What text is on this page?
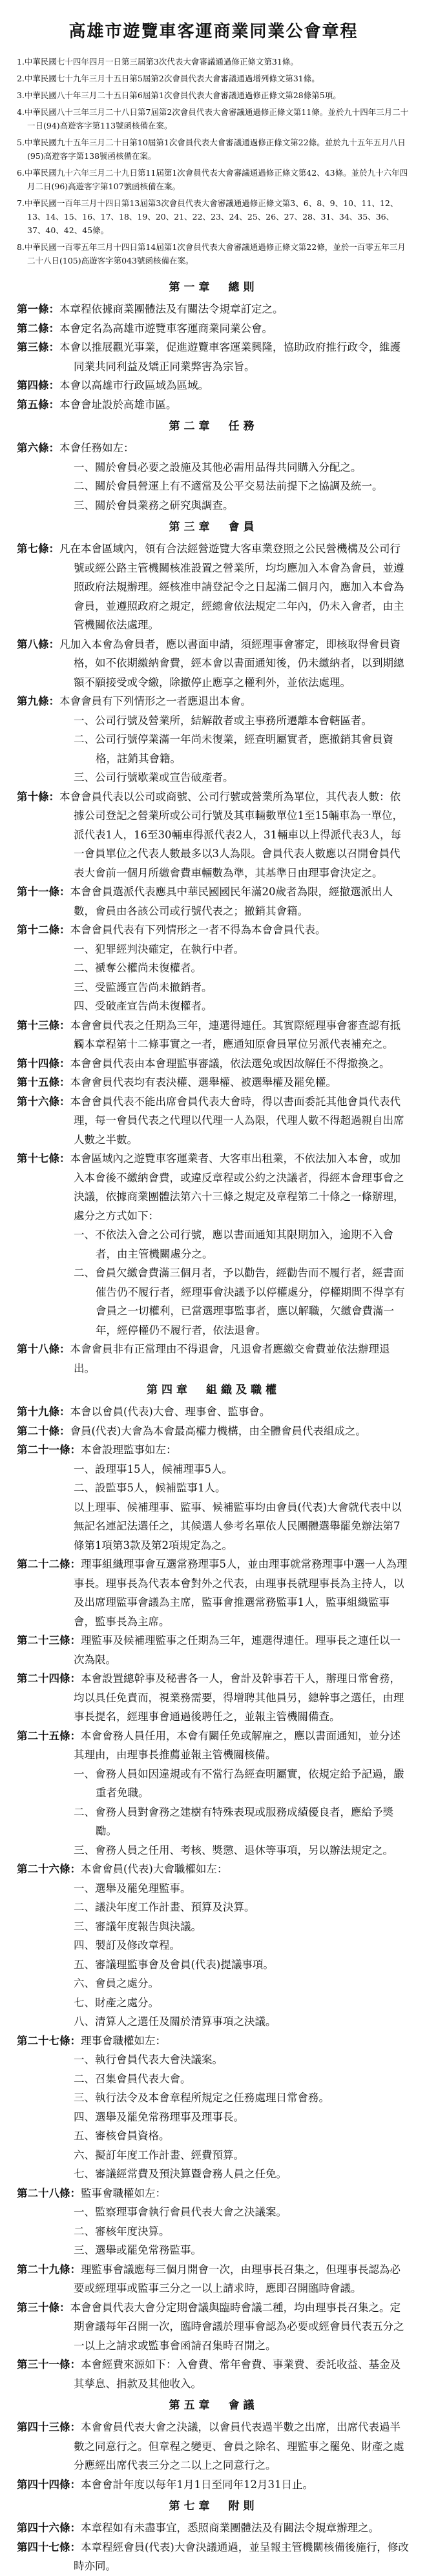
高雄市遊覽車客運商業同業公會章程
1.中華民國七十四年四月一日第三屆第3次代表大會審議通過修正條文第31條。
2.中華民國七十九年三月十五日第5屆第2次會員代表大會審議通過增列條文第31條。
3.中華民國八十年三月二十五日第6屆第1次會員代表大會審議通過修正條文第28條第5項。
4.中華民國八十三年三月二十八日第7屆第2次會員代表大會審議通過修正條文第11條。並於九十四年三月二十一日(94)高遊客字第113號函核備在案。
5.中華民國九十五年三月二十日第10屆第1次會員代表大會審議通過修正條文第22條。並於九十五年五月八日(95)高遊客字第138號函核備在案。
6.中華民國九十六年三月二十九日第11屆第1次會員代表大會審議通過修正條文第42、43條。並於九十六年四月二日(96)高遊客字第107號函核備在案。
7.中華民國一百年三月十四日第13屆第3次會員代表大會審議通過修正條文第3、6、8、9、10、11、12、13、14、15、16、17、18、19、20、21、22、23、24、25、26、27、28、31、34、35、36、37、40、42、45條。
8.中華民國一百零五年三月十四日第14屆第1次會員代表大會審議通過修正條文第22條，並於一百零五年三月二十八日(105)高遊客字第043號函核備在案。
第一章　總則

第一條：本章程依據商業團體法及有關法令規章訂定之。

第二條：本會定名為高雄市遊覽車客運商業同業公會。

第三條：本會以推展觀光事業，促進遊覽車客運業興隆，協助政府推行政令，維護同業共同利益及矯正同業弊害為宗旨。

第四條：本會以高雄市行政區域為區域。

第五條：本會會址設於高雄市區。

第二章　任務

第六條：本會任務如左：

一、關於會員必要之設施及其他必需用品得共同購入分配之。
二、關於會員營運上有不適當及公平交易法前提下之協調及統一。
三、關於會員業務之研究與調查。
第三章　會員

第七條：凡在本會區域內，領有合法經營遊覽大客車業登照之公民營機構及公司行號或經公路主管機關核准設置之營業所，均均應加入本會為會員，並遵照政府法規辦理。經核准申請登記令之日起滿二個月內，應加入本會為會員，並遵照政府之規定，經總會依法規定二年內，仍未入會者，由主管機關依法處理。

第八條：凡加入本會為會員者，應以書面申請，須經理事會審定，即核取得會員資格，如不依期繳納會費，經本會以書面通知後，仍未繳納者，以到期總額不願接受或令繳，除撤停止應享之權利外，並依法處理。

第九條：本會會員有下列情形之一者應退出本會。

一、公司行號及營業所，結解散者或主事務所遷離本會轄區者。
二、公司行號停業滿一年尚未復業，經查明屬實者，應撤銷其會員資格，註銷其會籍。
三、公司行號歇業或宣告破產者。

第十條：本會會員代表以公司或商號、公司行號或營業所為單位，其代表人數：依據公司登記之營業所或公司行號及其車輛數單位1至15輛車為一單位，派代表1人，16至30輛車得派代表2人，31輛車以上得派代表3人，每一會員單位之代表人數最多以3人為限。會員代表人數應以召開會員代表大會前一個月所繳會費車輛數為準，其基準日由理事會決定之。

第十一條：本會會員選派代表應具中華民國國民年滿20歲者為限，經撤選派出人數，會員由各該公司或行號代表之；撤銷其會籍。

第十二條：本會會員代表有下列情形之一者不得為本會會員代表。

一、犯罪經判決確定，在執行中者。
二、褫奪公權尚未復權者。
三、受監護宣告尚未撤銷者。
四、受破產宣告尚未復權者。

第十三條：本會會員代表之任期為三年，連選得連任。其實際經理事會審查認有抵觸本章程第十二條事實之一者，應通知原會員單位另派代表補充之。

第十四條：本會會員代表由本會理監事審議，依法選免或因故解任不得撤換之。

第十五條：本會會員代表均有表決權、選舉權、被選舉權及罷免權。

第十六條：本會會員代表不能出席會員代表大會時，得以書面委託其他會員代表代理，每一會員代表之代理以代理一人為限，代理人數不得超過親自出席人數之半數。

第十七條：本會區域內之遊覽車客運業者、大客車出租業，不依法加入本會，或加入本會後不繳納會費，或違反章程或公約之決議者，得經本會理事會之決議，依據商業團體法第六十三條之規定及章程第二十條之一條辦理，處分之方式如下：

一、不依法入會之公司行號，應以書面通知其限期加入，逾期不入會者，由主管機關處分之。
二、會員欠繳會費滿三個月者，予以勸告，經勸告而不履行者，經書面催告仍不履行者，經理事會決議予以停權處分，停權期間不得享有會員之一切權利，已當選理事監事者，應以解職，欠繳會費滿一年，經停權仍不履行者，依法退會。

第十八條：本會會員非有正當理由不得退會，凡退會者應繳交會費並依法辦理退出。

第四章　組織及職權

第十九條：本會以會員(代表)大會、理事會、監事會。

第二十條：會員(代表)大會為本會最高權力機構，由全體會員代表組成之。

第二十一條：本會設理監事如左：

一、設理事15人，候補理事5人。
二、設監事5人，候補監事1人。

以上理事、候補理事、監事、候補監事均由會員(代表)大會就代表中以無記名連記法選任之，其候選人參考名單依人民團體選舉罷免辦法第7條第1項第3款及第2項規定為之。

第二十二條：理事組織理事會互選常務理事5人，並由理事就常務理事中選一人為理事長。理事長為代表本會對外之代表，由理事長就理事長為主持人，以及出席理監事會議為主席，監事會推選常務監事1人，監事組織監事會，監事長為主席。

第二十三條：理監事及候補理監事之任期為三年，連選得連任。理事長之連任以一次為限。

第二十四條：本會設置總幹事及秘書各一人，會計及幹事若干人，辦理日常會務，均以具任免責而，視業務需要，得增聘其他員另，總幹事之選任，由理事長提名，經理事會通過後聘任之，並報主管機關備查。

第二十五條：本會會務人員任用，本會有關任免或解雇之，應以書面通知，並分述其理由，由理事長推薦並報主管機關核備。

一、會務人員如因違規或有不當行為經查明屬實，依規定給予記過，嚴重者免職。
二、會務人員對會務之建樹有特殊表現或服務成績優良者，應給予獎勵。
三、會務人員之任用、考核、獎懲、退休等事項，另以辦法規定之。

第二十六條：本會會員(代表)大會職權如左：

一、選舉及罷免理監事。
二、議決年度工作計畫、預算及決算。
三、審議年度報告與決議。
四、製訂及修改章程。
五、審議理監事會及會員(代表)提議事項。
六、會員之處分。
七、財產之處分。
八、清算人之選任及關於清算事項之決議。

第二十七條：理事會職權如左：

一、執行會員代表大會決議案。
二、召集會員代表大會。
三、執行法令及本會章程所規定之任務處理日常會務。
四、選舉及罷免常務理事及理事長。
五、審核會員資格。
六、擬訂年度工作計畫、經費預算。
七、審議經常費及預決算暨會務人員之任免。

第二十八條：監事會職權如左：

一、監察理事會執行會員代表大會之決議案。
二、審核年度決算。
三、選舉或罷免常務監事。

第二十九條：理監事會議應每三個月開會一次，由理事長召集之，但理事長認為必要或經理事或監事三分之一以上請求時，應即召開臨時會議。

第三十條：本會會員代表大會分定期會議與臨時會議二種，均由理事長召集之。定期會議每年召開一次，臨時會議於理事會認為必要或經會員代表五分之一以上之請求或監事會函請召集時召開之。

第三十一條：本會經費來源如下：入會費、常年會費、事業費、委託收益、基金及其孳息、捐款及其他收入。

第五章　會議

第四十三條：本會會員代表大會之決議，以會員代表過半數之出席，出席代表過半數之同意行之。但章程之變更、會員之除名、理監事之罷免、財產之處分應經出席代表三分之二以上之同意行之。

第四十四條：本會會計年度以每年1月1日至同年12月31日止。

第七章　附則

第四十六條：本章程如有未盡事宜，悉照商業團體法及有關法令規章辦理之。

第四十七條：本章程經會員(代表)大會決議通過，並呈報主管機關核備後施行，修改時亦同。
